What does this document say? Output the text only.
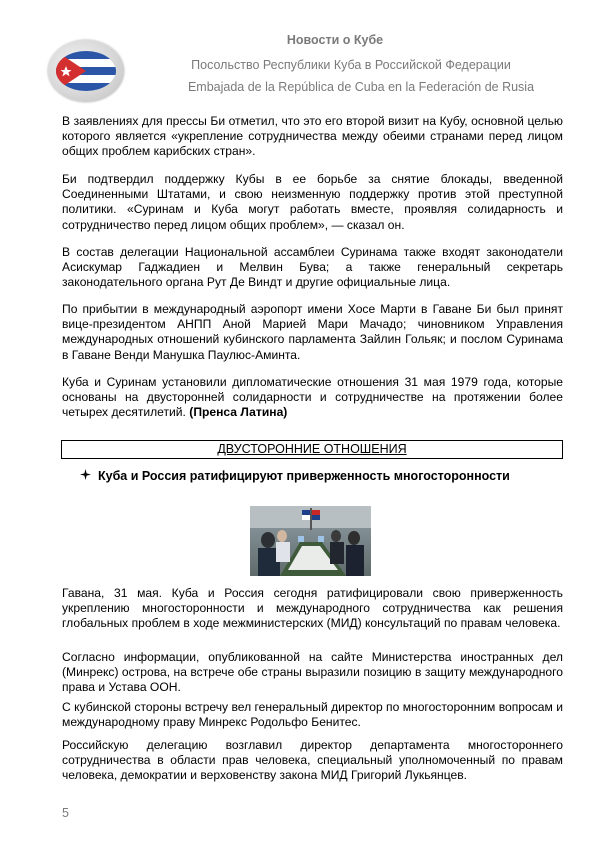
Новости о Кубе
Посольство Республики Куба в Российской Федерации
Embajada de la República de Cuba en la Federación de Rusia
В заявлениях для прессы Би отметил, что это его второй визит на Кубу, основной целью которого является «укрепление сотрудничества между обеими странами перед лицом общих проблем карибских стран».
Би подтвердил поддержку Кубы в ее борьбе за снятие блокады, введенной Соединенными Штатами, и свою неизменную поддержку против этой преступной политики. «Суринам и Куба могут работать вместе, проявляя солидарность и сотрудничество перед лицом общих проблем», — сказал он.
В состав делегации Национальной ассамблеи Суринама также входят законодатели Асискумар Гаджадиен и Мелвин Бува; а также генеральный секретарь законодательного органа Рут Де Виндт и другие официальные лица.
По прибытии в международный аэропорт имени Хосе Марти в Гаване Би был принят вице-президентом АНПП Аной Марией Мари Мачадо; чиновником Управления международных отношений кубинского парламента Зайлин Гольяк; и послом Суринама в Гаване Венди Манушка Паулюс-Аминта.
Куба и Суринам установили дипломатические отношения 31 мая 1979 года, которые основаны на двусторонней солидарности и сотрудничестве на протяжении более четырех десятилетий. (Пренса Латина)
ДВУСТОРОННИЕ ОТНОШЕНИЯ
Куба и Россия ратифицируют приверженность многосторонности
Гавана, 31 мая. Куба и Россия сегодня ратифицировали свою приверженность укреплению многосторонности и международного сотрудничества как решения глобальных проблем в ходе межминистерских (МИД) консультаций по правам человека.
Согласно информации, опубликованной на сайте Министерства иностранных дел (Минрекс) острова, на встрече обе страны выразили позицию в защиту международного права и Устава ООН.
С кубинской стороны встречу вел генеральный директор по многосторонним вопросам и международному праву Минрекс Родольфо Бенитес.
Российскую делегацию возглавил директор департамента многостороннего сотрудничества в области прав человека, специальный уполномоченный по правам человека, демократии и верховенству закона МИД Григорий Лукьянцев.
5
